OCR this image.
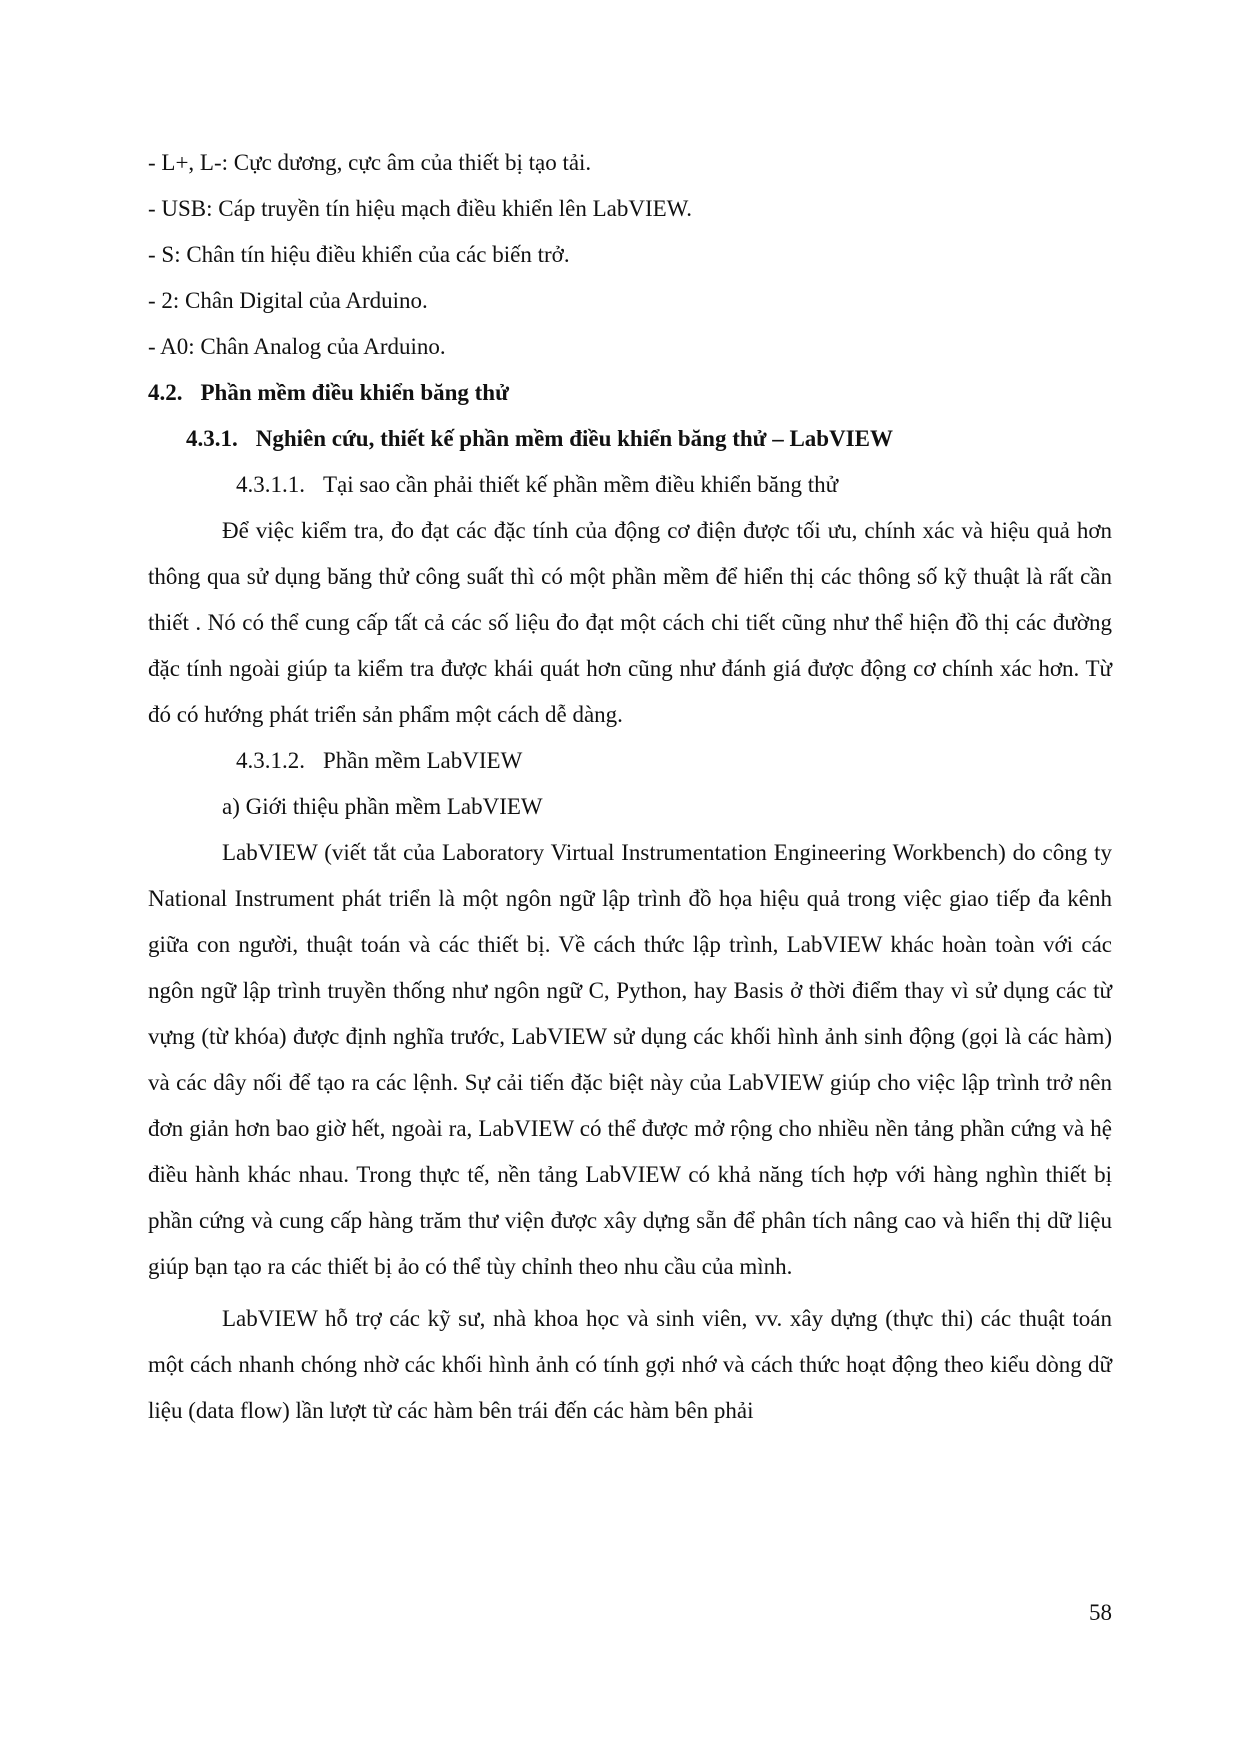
- L+, L-: Cực dương, cực âm của thiết bị tạo tải.

- USB: Cáp truyền tín hiệu mạch điều khiển lên LabVIEW.

- S: Chân tín hiệu điều khiển của các biến trở.

- 2: Chân Digital của Arduino.

- A0: Chân Analog của Arduino.

4.2. Phần mềm điều khiển băng thử

4.3.1. Nghiên cứu, thiết kế phần mềm điều khiển băng thử – LabVIEW

4.3.1.1. Tại sao cần phải thiết kế phần mềm điều khiển băng thử

Để việc kiểm tra, đo đạt các đặc tính của động cơ điện được tối ưu, chính xác và hiệu quả hơn thông qua sử dụng băng thử công suất thì có một phần mềm để hiển thị các thông số kỹ thuật là rất cần thiết . Nó có thể cung cấp tất cả các số liệu đo đạt một cách chi tiết cũng như thể hiện đồ thị các đường đặc tính ngoài giúp ta kiểm tra được khái quát hơn cũng như đánh giá được động cơ chính xác hơn. Từ đó có hướng phát triển sản phẩm một cách dễ dàng.

4.3.1.2. Phần mềm LabVIEW

a) Giới thiệu phần mềm LabVIEW

LabVIEW (viết tắt của Laboratory Virtual Instrumentation Engineering Workbench) do công ty National Instrument phát triển là một ngôn ngữ lập trình đồ họa hiệu quả trong việc giao tiếp đa kênh giữa con người, thuật toán và các thiết bị. Về cách thức lập trình, LabVIEW khác hoàn toàn với các ngôn ngữ lập trình truyền thống như ngôn ngữ C, Python, hay Basis ở thời điểm thay vì sử dụng các từ vựng (từ khóa) được định nghĩa trước, LabVIEW sử dụng các khối hình ảnh sinh động (gọi là các hàm) và các dây nối để tạo ra các lệnh. Sự cải tiến đặc biệt này của LabVIEW giúp cho việc lập trình trở nên đơn giản hơn bao giờ hết, ngoài ra, LabVIEW có thể được mở rộng cho nhiều nền tảng phần cứng và hệ điều hành khác nhau. Trong thực tế, nền tảng LabVIEW có khả năng tích hợp với hàng nghìn thiết bị phần cứng và cung cấp hàng trăm thư viện được xây dựng sẵn để phân tích nâng cao và hiển thị dữ liệu giúp bạn tạo ra các thiết bị ảo có thể tùy chỉnh theo nhu cầu của mình.

LabVIEW hỗ trợ các kỹ sư, nhà khoa học và sinh viên, vv. xây dựng (thực thi) các thuật toán một cách nhanh chóng nhờ các khối hình ảnh có tính gợi nhớ và cách thức hoạt động theo kiểu dòng dữ liệu (data flow) lần lượt từ các hàm bên trái đến các hàm bên phải

58
